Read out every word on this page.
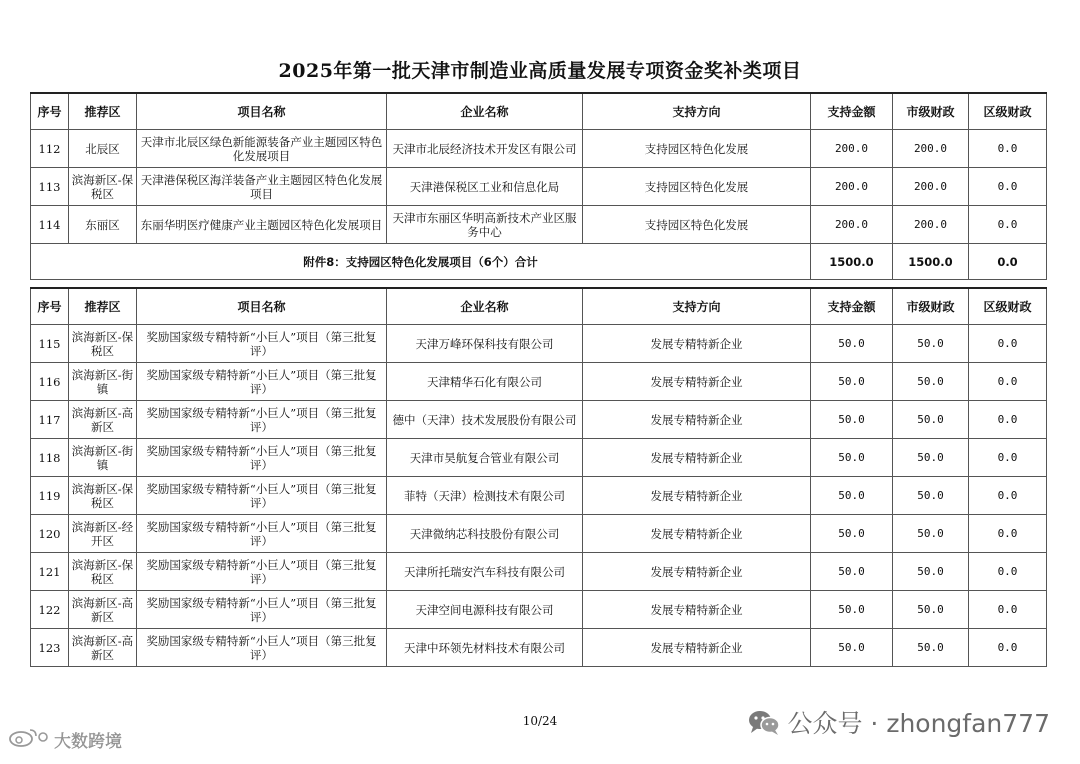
2025年第一批天津市制造业高质量发展专项资金奖补类项目
序号	推荐区	项目名称	企业名称	支持方向	支持金额	市级财政	区级财政
112	北辰区	天津市北辰区绿色新能源装备产业主题园区特色化发展项目	天津市北辰经济技术开发区有限公司	支持园区特色化发展	200.0	200.0	0.0
113	滨海新区-保税区	天津港保税区海洋装备产业主题园区特色化发展项目	天津港保税区工业和信息化局	支持园区特色化发展	200.0	200.0	0.0
114	东丽区	东丽华明医疗健康产业主题园区特色化发展项目	天津市东丽区华明高新技术产业区服务中心	支持园区特色化发展	200.0	200.0	0.0
附件8：支持园区特色化发展项目（6个）合计					1500.0	1500.0	0.0
序号	推荐区	项目名称	企业名称	支持方向	支持金额	市级财政	区级财政
115	滨海新区-保税区	奖励国家级专精特新“小巨人”项目（第三批复评）	天津万峰环保科技有限公司	发展专精特新企业	50.0	50.0	0.0
116	滨海新区-街镇	奖励国家级专精特新“小巨人”项目（第三批复评）	天津精华石化有限公司	发展专精特新企业	50.0	50.0	0.0
117	滨海新区-高新区	奖励国家级专精特新“小巨人”项目（第三批复评）	德中（天津）技术发展股份有限公司	发展专精特新企业	50.0	50.0	0.0
118	滨海新区-街镇	奖励国家级专精特新“小巨人”项目（第三批复评）	天津市昊航复合管业有限公司	发展专精特新企业	50.0	50.0	0.0
119	滨海新区-保税区	奖励国家级专精特新“小巨人”项目（第三批复评）	菲特（天津）检测技术有限公司	发展专精特新企业	50.0	50.0	0.0
120	滨海新区-经开区	奖励国家级专精特新“小巨人”项目（第三批复评）	天津微纳芯科技股份有限公司	发展专精特新企业	50.0	50.0	0.0
121	滨海新区-保税区	奖励国家级专精特新“小巨人”项目（第三批复评）	天津所托瑞安汽车科技有限公司	发展专精特新企业	50.0	50.0	0.0
122	滨海新区-高新区	奖励国家级专精特新“小巨人”项目（第三批复评）	天津空间电源科技有限公司	发展专精特新企业	50.0	50.0	0.0
123	滨海新区-高新区	奖励国家级专精特新“小巨人”项目（第三批复评）	天津中环领先材料技术有限公司	发展专精特新企业	50.0	50.0	0.0
10/24	公众号 · zhongfan777
大数跨境
